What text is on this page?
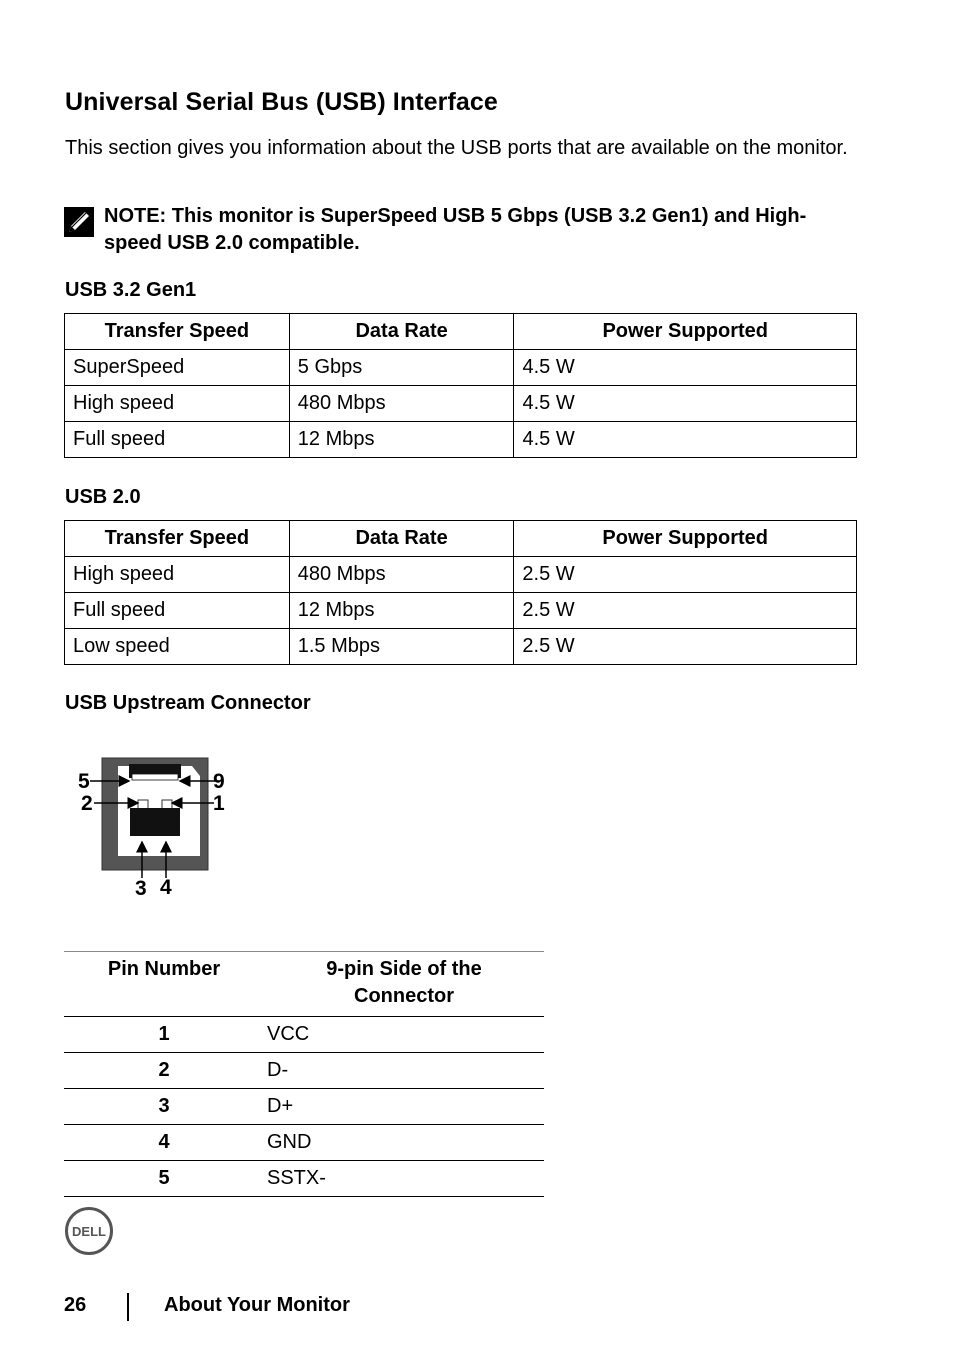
Universal Serial Bus (USB) Interface
This section gives you information about the USB ports that are available on the monitor.
NOTE: This monitor is SuperSpeed USB 5 Gbps (USB 3.2 Gen1) and High-speed USB 2.0 compatible.
USB 3.2 Gen1
Transfer Speed	Data Rate	Power Supported
SuperSpeed	5 Gbps	4.5 W
High speed	480 Mbps	4.5 W
Full speed	12 Mbps	4.5 W
USB 2.0
Transfer Speed	Data Rate	Power Supported
High speed	480 Mbps	2.5 W
Full speed	12 Mbps	2.5 W
Low speed	1.5 Mbps	2.5 W
USB Upstream Connector
5	9
2	1
3 4
Pin Number	9-pin Side of the Connector
1	VCC
2	D-
3	D+
4	GND
5	SSTX-
DELL
26	About Your Monitor
